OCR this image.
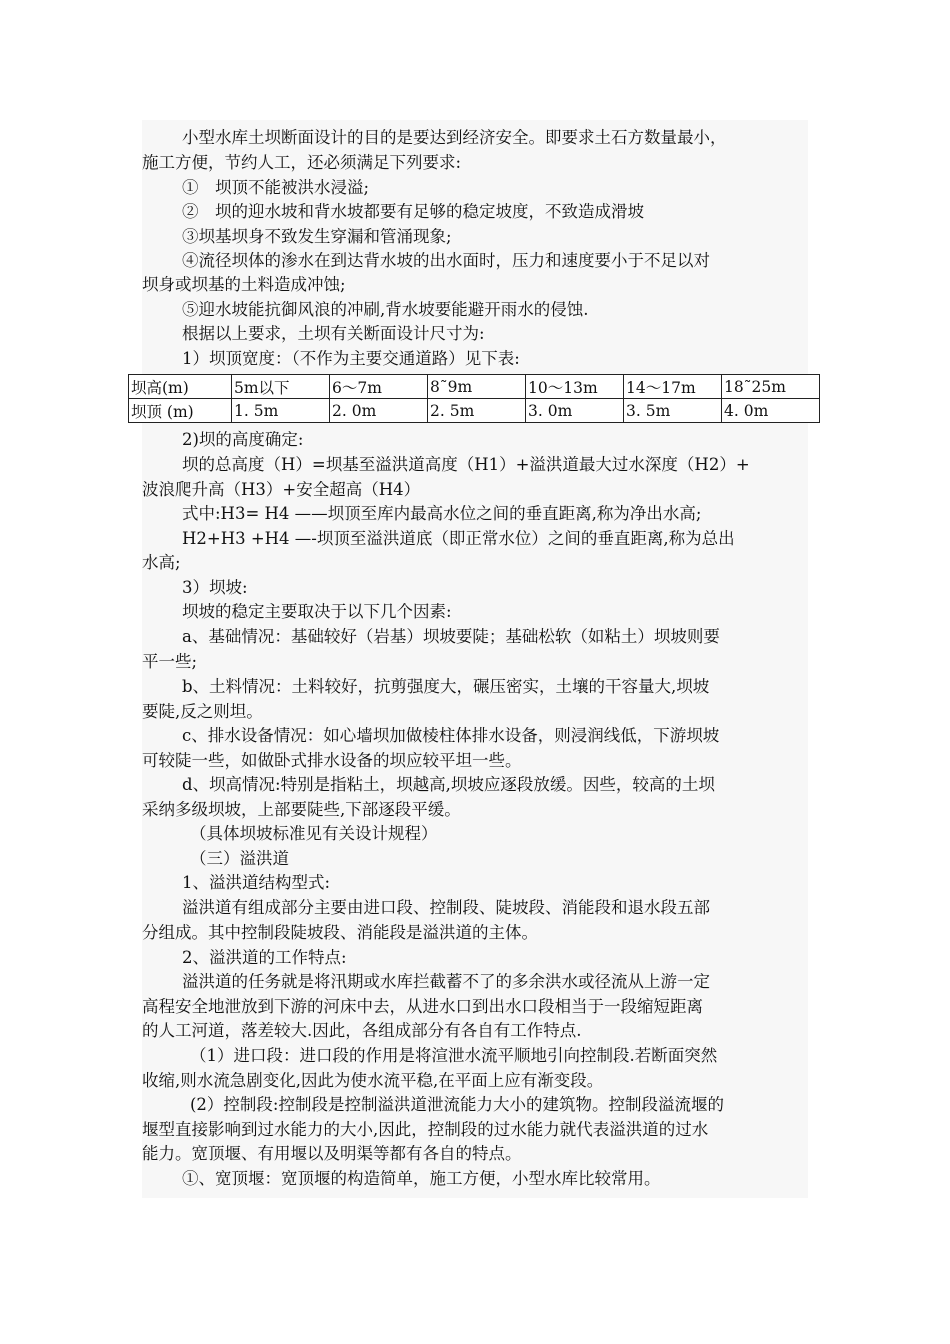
小型水库土坝断面设计的目的是要达到经济安全。即要求土石方数量最小，
施工方便，节约人工，还必须满足下列要求:
①　坝顶不能被洪水浸溢;
②　坝的迎水坡和背水坡都要有足够的稳定坡度，不致造成滑坡
③坝基坝身不致发生穿漏和管涌现象;
④流径坝体的渗水在到达背水坡的出水面时，压力和速度要小于不足以对
坝身或坝基的土料造成冲蚀;
⑤迎水坡能抗御风浪的冲刷,背水坡要能避开雨水的侵蚀.
根据以上要求，土坝有关断面设计尺寸为:
1）坝顶宽度：（不作为主要交通道路）见下表:
坝高(m)	5m以下	6～7m	8˜9m	10～13m	14～17m	18˜25m
坝顶 (m)	1. 5m	2. 0m	2. 5m	3. 0m	3. 5m	4. 0m
2)坝的高度确定:
坝的总高度（H）=坝基至溢洪道高度（H1）+溢洪道最大过水深度（H2）+
波浪爬升高（H3）+安全超高（H4）
式中:H3= H4 ——坝顶至库内最高水位之间的垂直距离,称为净出水高;
H2+H3 +H4 —-坝顶至溢洪道底（即正常水位）之间的垂直距离,称为总出
水高;
3）坝坡:
坝坡的稳定主要取决于以下几个因素:
a、基础情况：基础较好（岩基）坝坡要陡；基础松软（如粘土）坝坡则要
平一些;
b、土料情况：土料较好，抗剪强度大，碾压密实，土壤的干容量大,坝坡
要陡,反之则坦。
c、排水设备情况：如心墙坝加做棱柱体排水设备，则浸润线低，下游坝坡
可较陡一些，如做卧式排水设备的坝应较平坦一些。
d、坝高情况:特别是指粘土，坝越高,坝坡应逐段放缓。因些，较高的土坝
采纳多级坝坡，上部要陡些,下部逐段平缓。
（具体坝坡标准见有关设计规程）
（三）溢洪道
1、溢洪道结构型式:
溢洪道有组成部分主要由进口段、控制段、陡坡段、消能段和退水段五部
分组成。其中控制段陡坡段、消能段是溢洪道的主体。
2、溢洪道的工作特点:
溢洪道的任务就是将汛期或水库拦截蓄不了的多余洪水或径流从上游一定
高程安全地泄放到下游的河床中去，从进水口到出水口段相当于一段缩短距离
的人工河道，落差较大.因此，各组成部分有各自有工作特点.
（1）进口段：进口段的作用是将渲泄水流平顺地引向控制段.若断面突然
收缩,则水流急剧变化,因此为使水流平稳,在平面上应有渐变段。
(2）控制段:控制段是控制溢洪道泄流能力大小的建筑物。控制段溢流堰的
堰型直接影响到过水能力的大小,因此，控制段的过水能力就代表溢洪道的过水
能力。宽顶堰、有用堰以及明渠等都有各自的特点。
①、宽顶堰：宽顶堰的构造简单，施工方便，小型水库比较常用。
